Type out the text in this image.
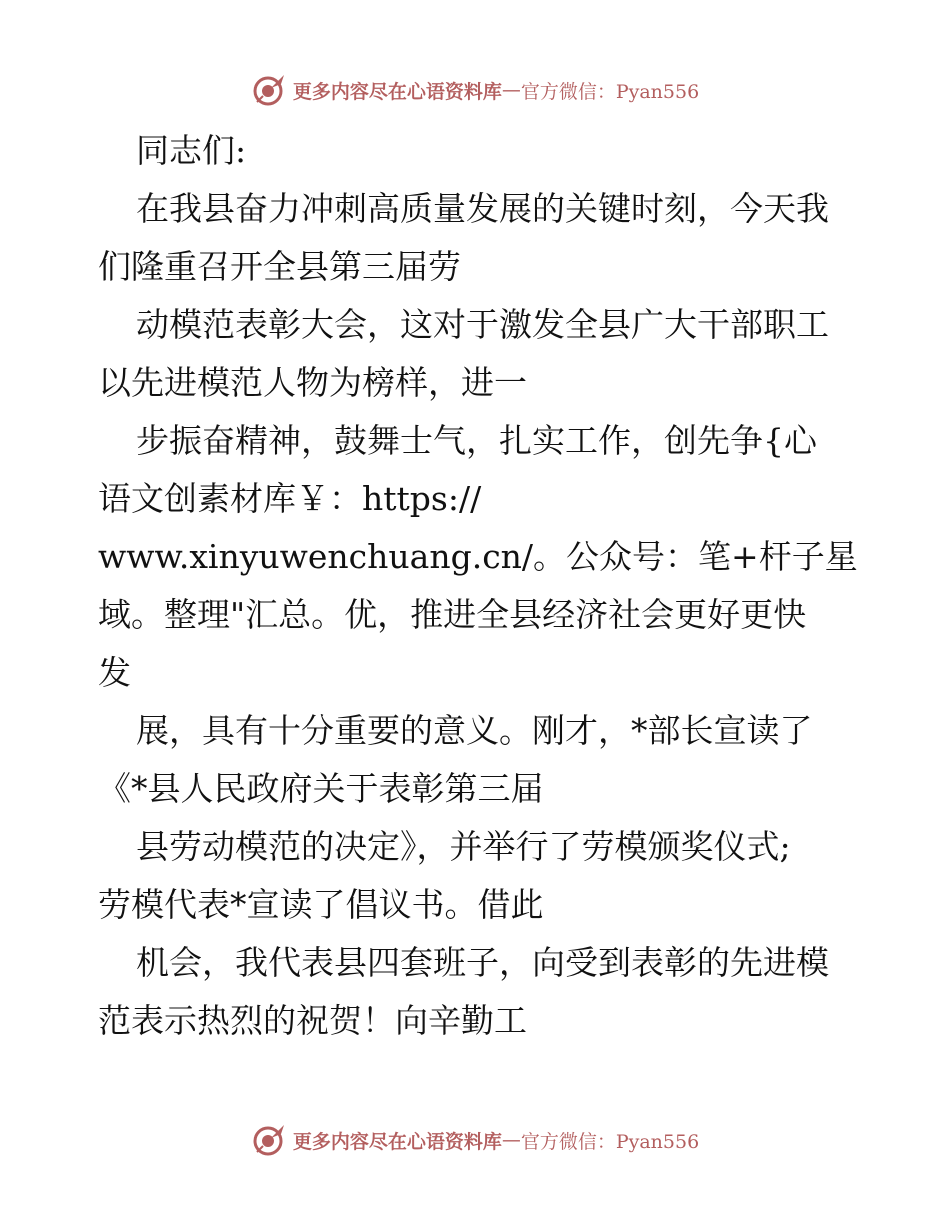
更多内容尽在心语资料库 — 官方微信：Pyan556
同志们:
在我县奋力冲刺高质量发展的关键时刻，今天我
们隆重召开全县第三届劳
动模范表彰大会，这对于激发全县广大干部职工
以先进模范人物为榜样，进一
步振奋精神，鼓舞士气，扎实工作，创先争{心
语文创素材库￥：https://
www.xinyuwenchuang.cn/。公众号：笔+杆子星
域。整理"汇总。优，推进全县经济社会更好更快
发
展，具有十分重要的意义。刚才，*部长宣读了
《*县人民政府关于表彰第三届
县劳动模范的决定》，并举行了劳模颁奖仪式;
劳模代表*宣读了倡议书。借此
机会，我代表县四套班子，向受到表彰的先进模
范表示热烈的祝贺！向辛勤工
更多内容尽在心语资料库 — 官方微信：Pyan556
